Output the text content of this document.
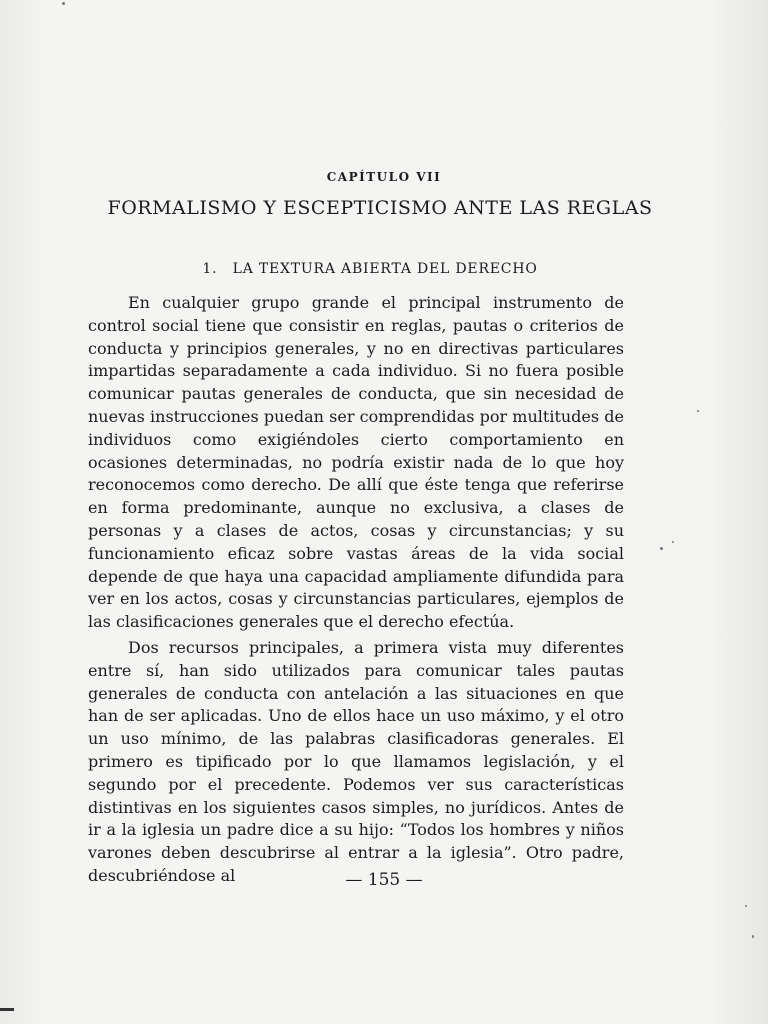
CAPÍTULO VII
FORMALISMO Y ESCEPTICISMO ANTE LAS REGLAS
1. LA TEXTURA ABIERTA DEL DERECHO

En cualquier grupo grande el principal instrumento de control social tiene que consistir en reglas, pautas o criterios de conducta y principios generales, y no en directivas particulares impartidas separadamente a cada individuo. Si no fuera posible comunicar pautas generales de conducta, que sin necesidad de nuevas instrucciones puedan ser comprendidas por multitudes de individuos como exigiéndoles cierto comportamiento en ocasiones determinadas, no podría existir nada de lo que hoy reconocemos como derecho. De allí que éste tenga que referirse en forma predominante, aunque no exclusiva, a clases de personas y a clases de actos, cosas y circunstancias; y su funcionamiento eficaz sobre vastas áreas de la vida social depende de que haya una capacidad ampliamente difundida para ver en los actos, cosas y circunstancias particulares, ejemplos de las clasificaciones generales que el derecho efectúa.

Dos recursos principales, a primera vista muy diferentes entre sí, han sido utilizados para comunicar tales pautas generales de conducta con antelación a las situaciones en que han de ser aplicadas. Uno de ellos hace un uso máximo, y el otro un uso mínimo, de las palabras clasificadoras generales. El primero es tipificado por lo que llamamos legislación, y el segundo por el precedente. Podemos ver sus características distintivas en los siguientes casos simples, no jurídicos. Antes de ir a la iglesia un padre dice a su hijo: “Todos los hombres y niños varones deben descubrirse al entrar a la iglesia”. Otro padre, descubriéndose al	— 155 —
